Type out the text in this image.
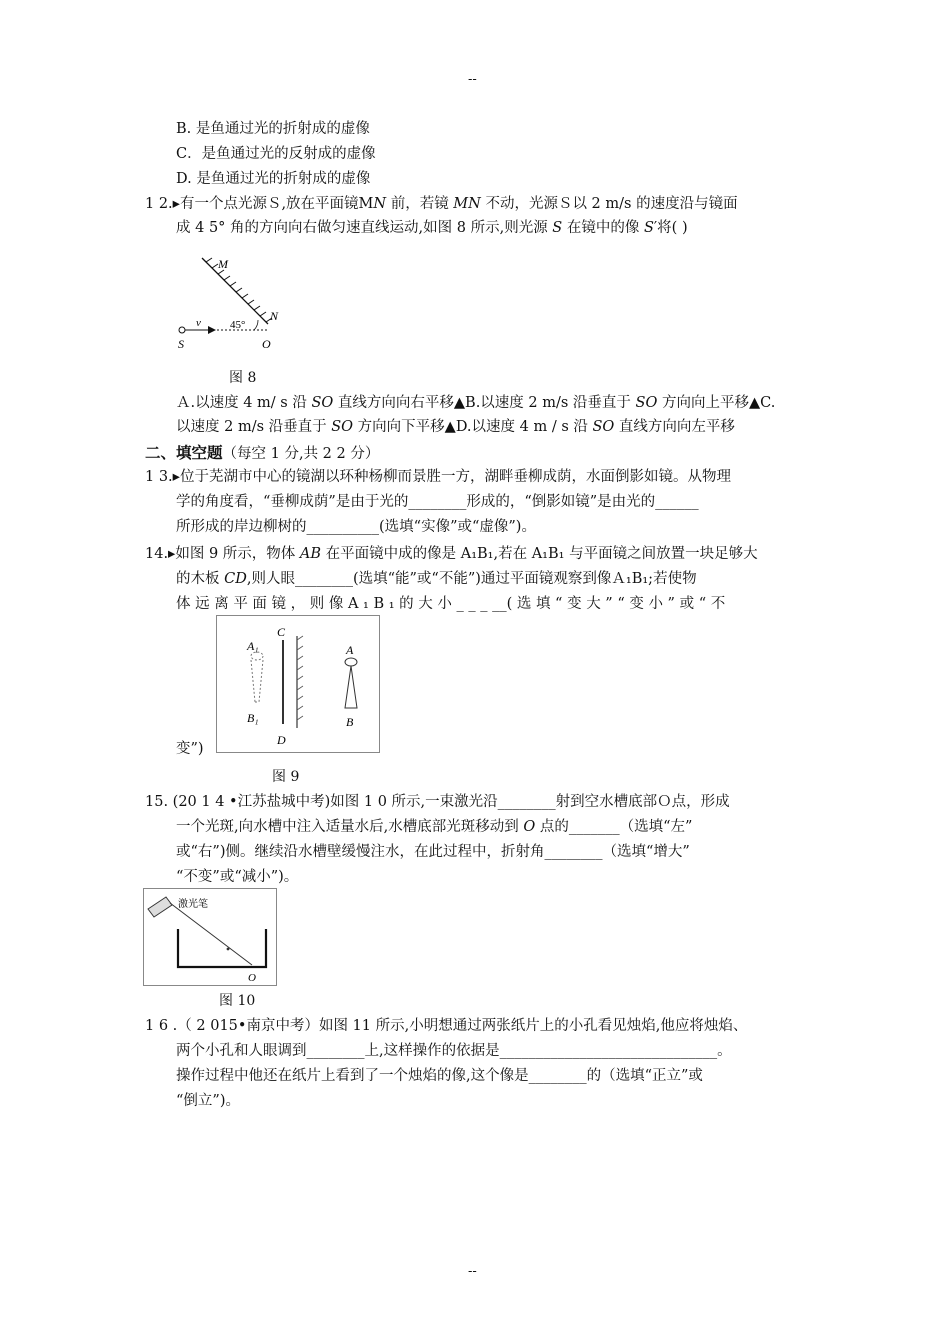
--
--
B. 是鱼通过光的折射成的虚像
C．是鱼通过光的反射成的虚像
D. 是鱼通过光的折射成的虚像
1 2.▸有一个点光源Ｓ,放在平面镜M𝑁 前，若镜 𝑀𝑁 不动，光源Ｓ以 2 m/s 的速度沿与镜面
成 4 5° 角的方向向右做匀速直线运动,如图 8 所示,则光源 𝑆 在镜中的像 𝑆′将( )
M
N
S	O
v	45°
图 8
Ａ.以速度 4 m/ s 沿 𝑆𝑂 直线方向向右平移▲B.以速度 2 m/s 沿垂直于 𝑆𝑂 方向向上平移▲C.
以速度 2 m/s 沿垂直于 𝑆𝑂 方向向下平移▲D.以速度 4 m / s 沿 𝑆𝑂 直线方向向左平移
二、填空题（每空 1 分,共 2 2 分）
1 3.▸位于芜湖市中心的镜湖以环种杨柳而景胜一方，湖畔垂柳成荫，水面倒影如镜。从物理
学的角度看，“垂柳成荫”是由于光的________形成的，“倒影如镜”是由光的______
所形成的岸边柳树的__________(选填“实像”或“虚像”)。
14.▸如图 9 所示，物体 𝐴𝐵 在平面镜中成的像是 A₁B₁,若在 A₁B₁ 与平面镜之间放置一块足够大
的木板 𝐶𝐷,则人眼________(选填“能”或“不能”)通过平面镜观察到像Ａ₁B₁;若使物
体 远 离 平 面 镜 ， 则 像 A ₁ B ₁ 的 大 小 _ _ _ __( 选 填 “ 变 大 ” “ 变 小 ” 或 “ 不
变”)
A₁
B₁
C
D
A
B
图 9
15. (20 1 4 •江苏盐城中考)如图 1 0 所示,一束激光沿________射到空水槽底部Ｏ点，形成
一个光斑,向水槽中注入适量水后,水槽底部光斑移动到 𝑂 点的_______（选填“左”
或“右”)侧。继续沿水槽壁缓慢注水，在此过程中，折射角________（选填“增大”
“不变”或“减小”)。
激光笔
O
图 10
1 6 .（ 2 015•南京中考）如图 11 所示,小明想通过两张纸片上的小孔看见烛焰,他应将烛焰、
两个小孔和人眼调到________上,这样操作的依据是______________________________。
操作过程中他还在纸片上看到了一个烛焰的像,这个像是________的（选填“正立”或
“倒立”)。
